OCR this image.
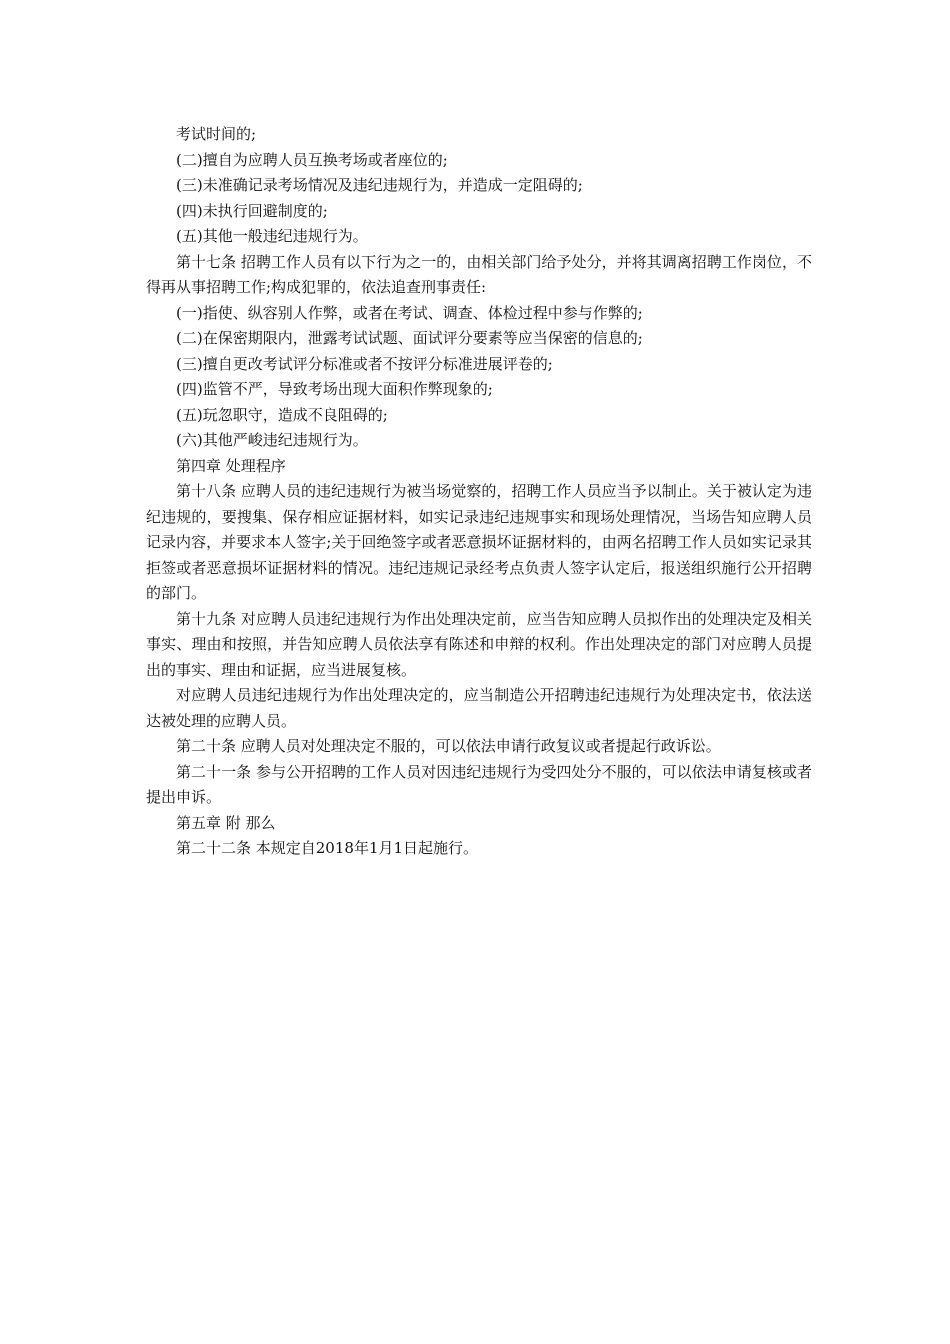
考试时间的;

(二)擅自为应聘人员互换考场或者座位的;

(三)未准确记录考场情况及违纪违规行为，并造成一定阻碍的;

(四)未执行回避制度的;

(五)其他一般违纪违规行为。

第十七条 招聘工作人员有以下行为之一的，由相关部门给予处分，并将其调离招聘工作岗位，不得再从事招聘工作;构成犯罪的，依法追查刑事责任:

(一)指使、纵容别人作弊，或者在考试、调查、体检过程中参与作弊的;

(二)在保密期限内，泄露考试试题、面试评分要素等应当保密的信息的;

(三)擅自更改考试评分标准或者不按评分标准进展评卷的;

(四)监管不严，导致考场出现大面积作弊现象的;

(五)玩忽职守，造成不良阻碍的;

(六)其他严峻违纪违规行为。

第四章 处理程序

第十八条 应聘人员的违纪违规行为被当场觉察的，招聘工作人员应当予以制止。关于被认定为违纪违规的，要搜集、保存相应证据材料，如实记录违纪违规事实和现场处理情况，当场告知应聘人员记录内容，并要求本人签字;关于回绝签字或者恶意损坏证据材料的，由两名招聘工作人员如实记录其拒签或者恶意损坏证据材料的情况。违纪违规记录经考点负责人签字认定后，报送组织施行公开招聘的部门。

第十九条 对应聘人员违纪违规行为作出处理决定前，应当告知应聘人员拟作出的处理决定及相关事实、理由和按照，并告知应聘人员依法享有陈述和申辩的权利。作出处理决定的部门对应聘人员提出的事实、理由和证据，应当进展复核。

对应聘人员违纪违规行为作出处理决定的，应当制造公开招聘违纪违规行为处理决定书，依法送达被处理的应聘人员。

第二十条 应聘人员对处理决定不服的，可以依法申请行政复议或者提起行政诉讼。

第二十一条 参与公开招聘的工作人员对因违纪违规行为受四处分不服的，可以依法申请复核或者提出申诉。

第五章 附 那么

第二十二条 本规定自2018年1月1日起施行。
